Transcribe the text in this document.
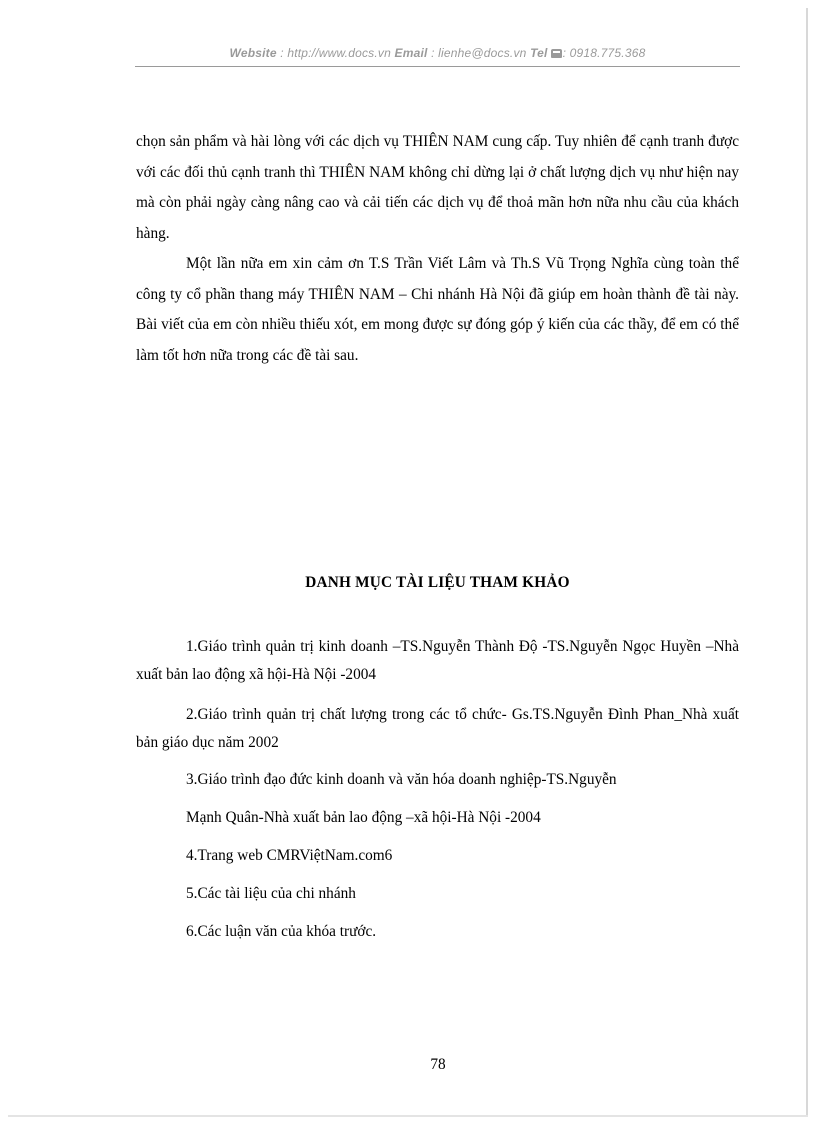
Website : http://www.docs.vn Email : lienhe@docs.vn Tel : 0918.775.368

chọn sản phẩm và hài lòng với các dịch vụ THIÊN NAM cung cấp. Tuy nhiên để cạnh tranh được với các đối thủ cạnh tranh thì THIÊN NAM không chỉ dừng lại ở chất lượng dịch vụ như hiện nay mà còn phải ngày càng nâng cao và cải tiến các dịch vụ để thoả mãn hơn nữa nhu cầu của khách hàng.

Một lần nữa em xin cảm ơn T.S Trần Viết Lâm và Th.S Vũ Trọng Nghĩa cùng toàn thể công ty cổ phần thang máy THIÊN NAM – Chi nhánh Hà Nội đã giúp em hoàn thành đề tài này. Bài viết của em còn nhiều thiếu xót, em mong được sự đóng góp ý kiến của các thầy, để em có thể làm tốt hơn nữa trong các đề tài sau.

DANH MỤC TÀI LIỆU THAM KHẢO

1.Giáo trình quản trị kinh doanh –TS.Nguyễn Thành Độ -TS.Nguyễn Ngọc Huyền –Nhà xuất bản lao động xã hội-Hà Nội -2004

2.Giáo trình quản trị chất lượng trong các tổ chức- Gs.TS.Nguyễn Đình Phan_Nhà xuất bản giáo dục năm 2002

3.Giáo trình đạo đức kinh doanh và văn hóa doanh nghiệp-TS.Nguyễn

Mạnh Quân-Nhà xuất bản lao động –xã hội-Hà Nội -2004

4.Trang web CMRViệtNam.com6

5.Các tài liệu của chi nhánh

6.Các luận văn của khóa trước.

78
